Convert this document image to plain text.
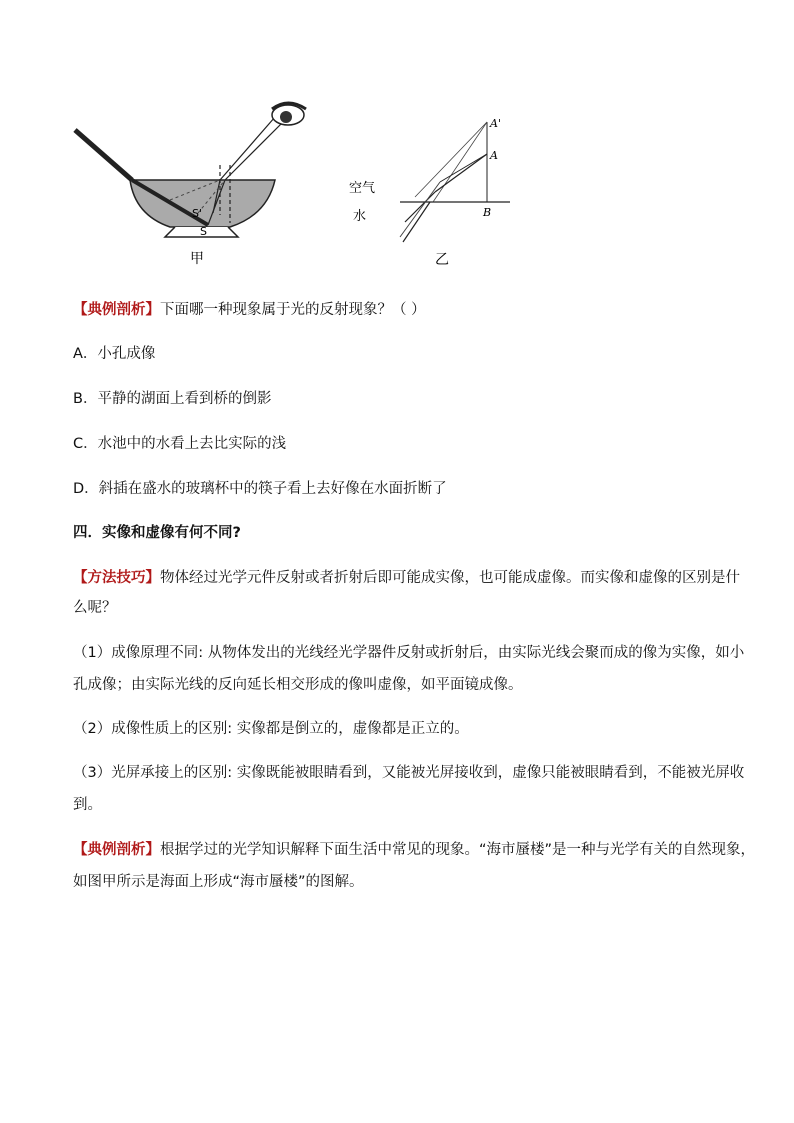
S'
S
甲
A'
A
B
空气
水
乙
【典例剖析】下面哪一种现象属于光的反射现象？（ ）
A．小孔成像
B．平静的湖面上看到桥的倒影
C．水池中的水看上去比实际的浅
D．斜插在盛水的玻璃杯中的筷子看上去好像在水面折断了
四．实像和虚像有何不同?
【方法技巧】物体经过光学元件反射或者折射后即可能成实像，也可能成虚像。而实像和虚像的区别是什
么呢？
（1）成像原理不同: 从物体发出的光线经光学器件反射或折射后，由实际光线会聚而成的像为实像，如小
孔成像；由实际光线的反向延长相交形成的像叫虚像，如平面镜成像。
（2）成像性质上的区别: 实像都是倒立的，虚像都是正立的。
（3）光屏承接上的区别: 实像既能被眼睛看到，又能被光屏接收到，虚像只能被眼睛看到，不能被光屏收
到。
【典例剖析】根据学过的光学知识解释下面生活中常见的现象。“海市蜃楼”是一种与光学有关的自然现象，
如图甲所示是海面上形成“海市蜃楼”的图解。
